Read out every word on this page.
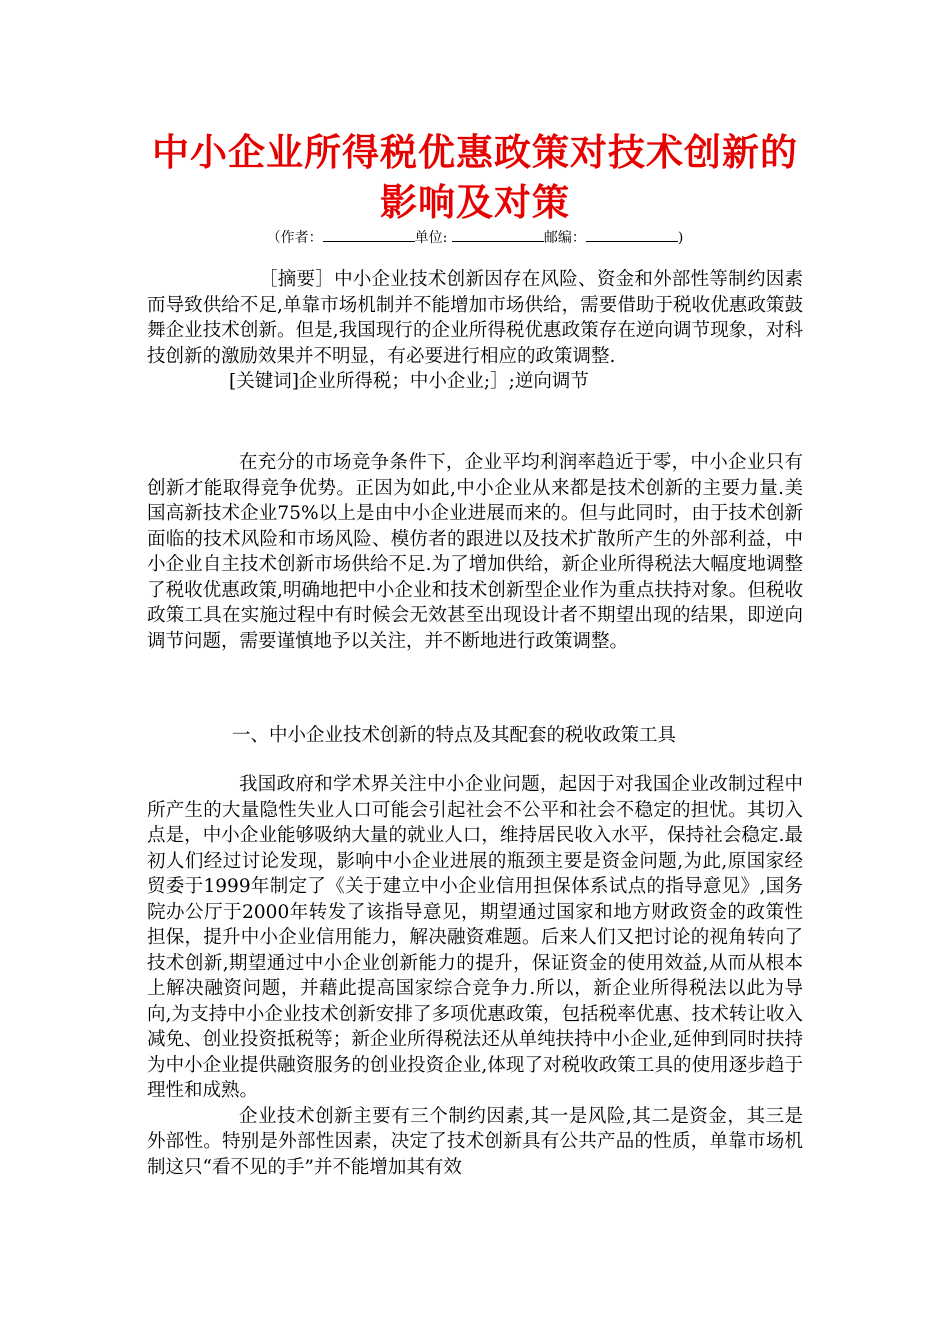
中小企业所得税优惠政策对技术创新的
影响及对策
（作者：	单位:	邮编：	)

［摘要］中小企业技术创新因存在风险、资金和外部性等制约因素而导致供给不足,单靠市场机制并不能增加市场供给，需要借助于税收优惠政策鼓舞企业技术创新。但是,我国现行的企业所得税优惠政策存在逆向调节现象，对科技创新的激励效果并不明显，有必要进行相应的政策调整.

[关键词]企业所得税；中小企业;］;逆向调节

在充分的市场竞争条件下，企业平均利润率趋近于零，中小企业只有创新才能取得竞争优势。正因为如此,中小企业从来都是技术创新的主要力量.美国高新技术企业75%以上是由中小企业进展而来的。但与此同时，由于技术创新面临的技术风险和市场风险、模仿者的跟进以及技术扩散所产生的外部利益，中小企业自主技术创新市场供给不足.为了增加供给，新企业所得税法大幅度地调整了税收优惠政策,明确地把中小企业和技术创新型企业作为重点扶持对象。但税收政策工具在实施过程中有时候会无效甚至出现设计者不期望出现的结果，即逆向调节问题，需要谨慎地予以关注，并不断地进行政策调整。

一、中小企业技术创新的特点及其配套的税收政策工具

我国政府和学术界关注中小企业问题，起因于对我国企业改制过程中所产生的大量隐性失业人口可能会引起社会不公平和社会不稳定的担忧。其切入点是，中小企业能够吸纳大量的就业人口，维持居民收入水平，保持社会稳定.最初人们经过讨论发现，影响中小企业进展的瓶颈主要是资金问题,为此,原国家经贸委于1999年制定了《关于建立中小企业信用担保体系试点的指导意见》,国务院办公厅于2000年转发了该指导意见，期望通过国家和地方财政资金的政策性担保，提升中小企业信用能力，解决融资难题。后来人们又把讨论的视角转向了技术创新,期望通过中小企业创新能力的提升，保证资金的使用效益,从而从根本上解决融资问题，并藉此提高国家综合竞争力.所以，新企业所得税法以此为导向,为支持中小企业技术创新安排了多项优惠政策，包括税率优惠、技术转让收入减免、创业投资抵税等；新企业所得税法还从单纯扶持中小企业,延伸到同时扶持为中小企业提供融资服务的创业投资企业,体现了对税收政策工具的使用逐步趋于理性和成熟。

企业技术创新主要有三个制约因素,其一是风险,其二是资金，其三是外部性。特别是外部性因素，决定了技术创新具有公共产品的性质，单靠市场机制这只“看不见的手”并不能增加其有效
